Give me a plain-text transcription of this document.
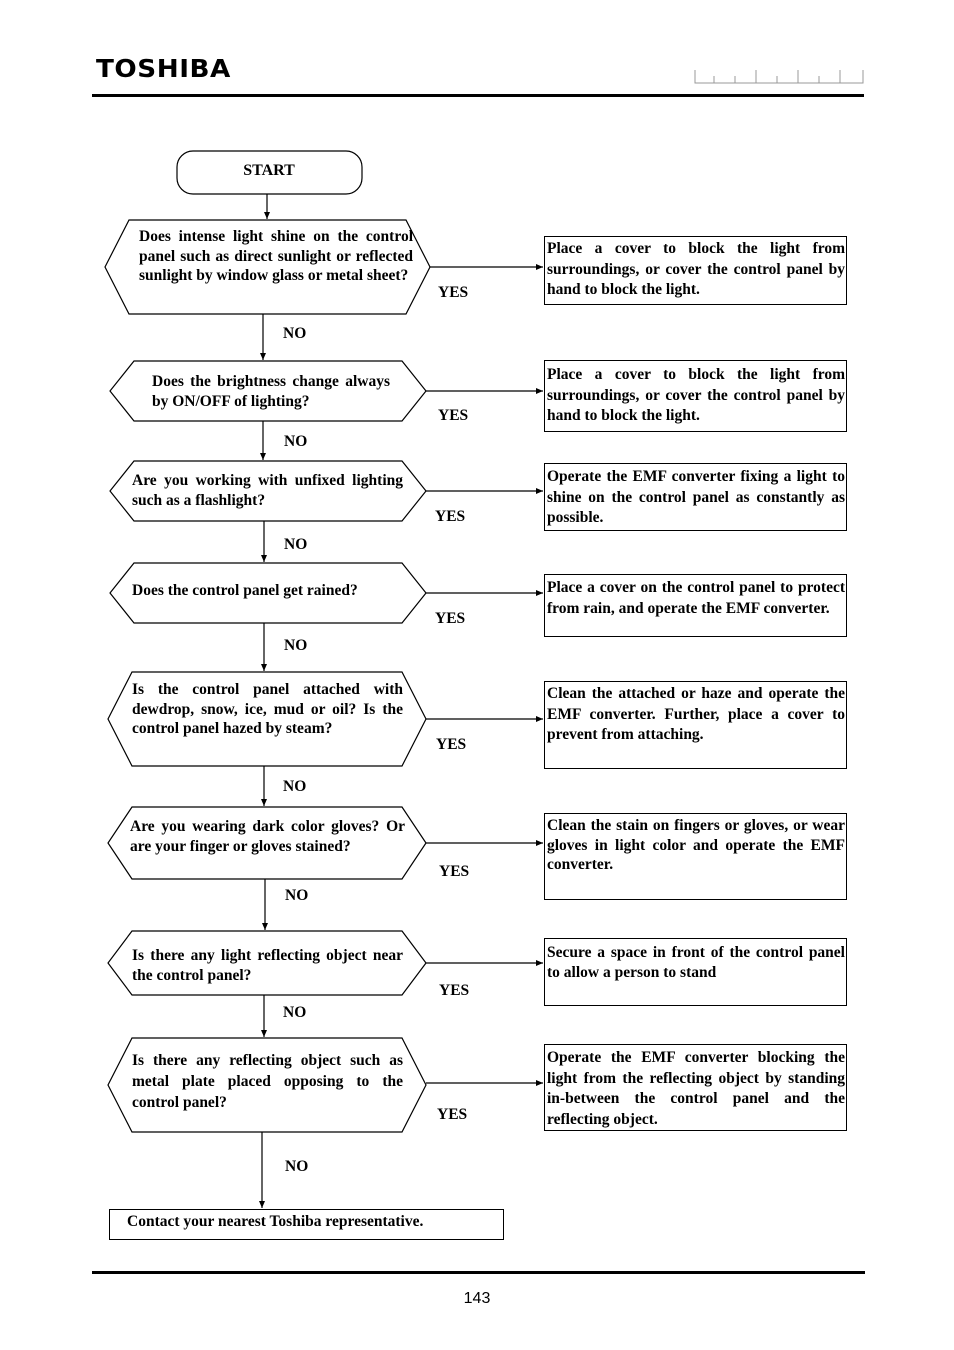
TOSHIBA
START
Does intense light shine on the control panel such as direct sunlight or reflected sunlight by window glass or metal sheet?
Does the brightness change always by ON/OFF of lighting?
Are you working with unfixed lighting such as a flashlight?
Does the control panel get rained?
Is the control panel attached with dewdrop, snow, ice, mud or oil? Is the control panel hazed by steam?
Are you wearing dark color gloves? Or are your finger or gloves stained?
Is there any light reflecting object near the control panel?
Is there any reflecting object such as metal plate placed opposing to the control panel?
YES
YES
YES
YES
YES
YES
YES
YES
NO
NO
NO
NO
NO
NO
NO
NO
Place a cover to block the light from surroundings, or cover the control panel by hand to block the light.
Place a cover to block the light from surroundings, or cover the control panel by hand to block the light.
Operate the EMF converter fixing a light to shine on the control panel as constantly as possible.
Place a cover on the control panel to protect from rain, and operate the EMF converter.
Clean the attached or haze and operate the EMF converter. Further, place a cover to prevent from attaching.
Clean the stain on fingers or gloves, or wear gloves in light color and operate the EMF converter.
Secure a space in front of the control panel to allow a person to stand
Operate the EMF converter blocking the light from the reflecting object by standing in-between the control panel and the reflecting object.
Contact your nearest Toshiba representative.
143
